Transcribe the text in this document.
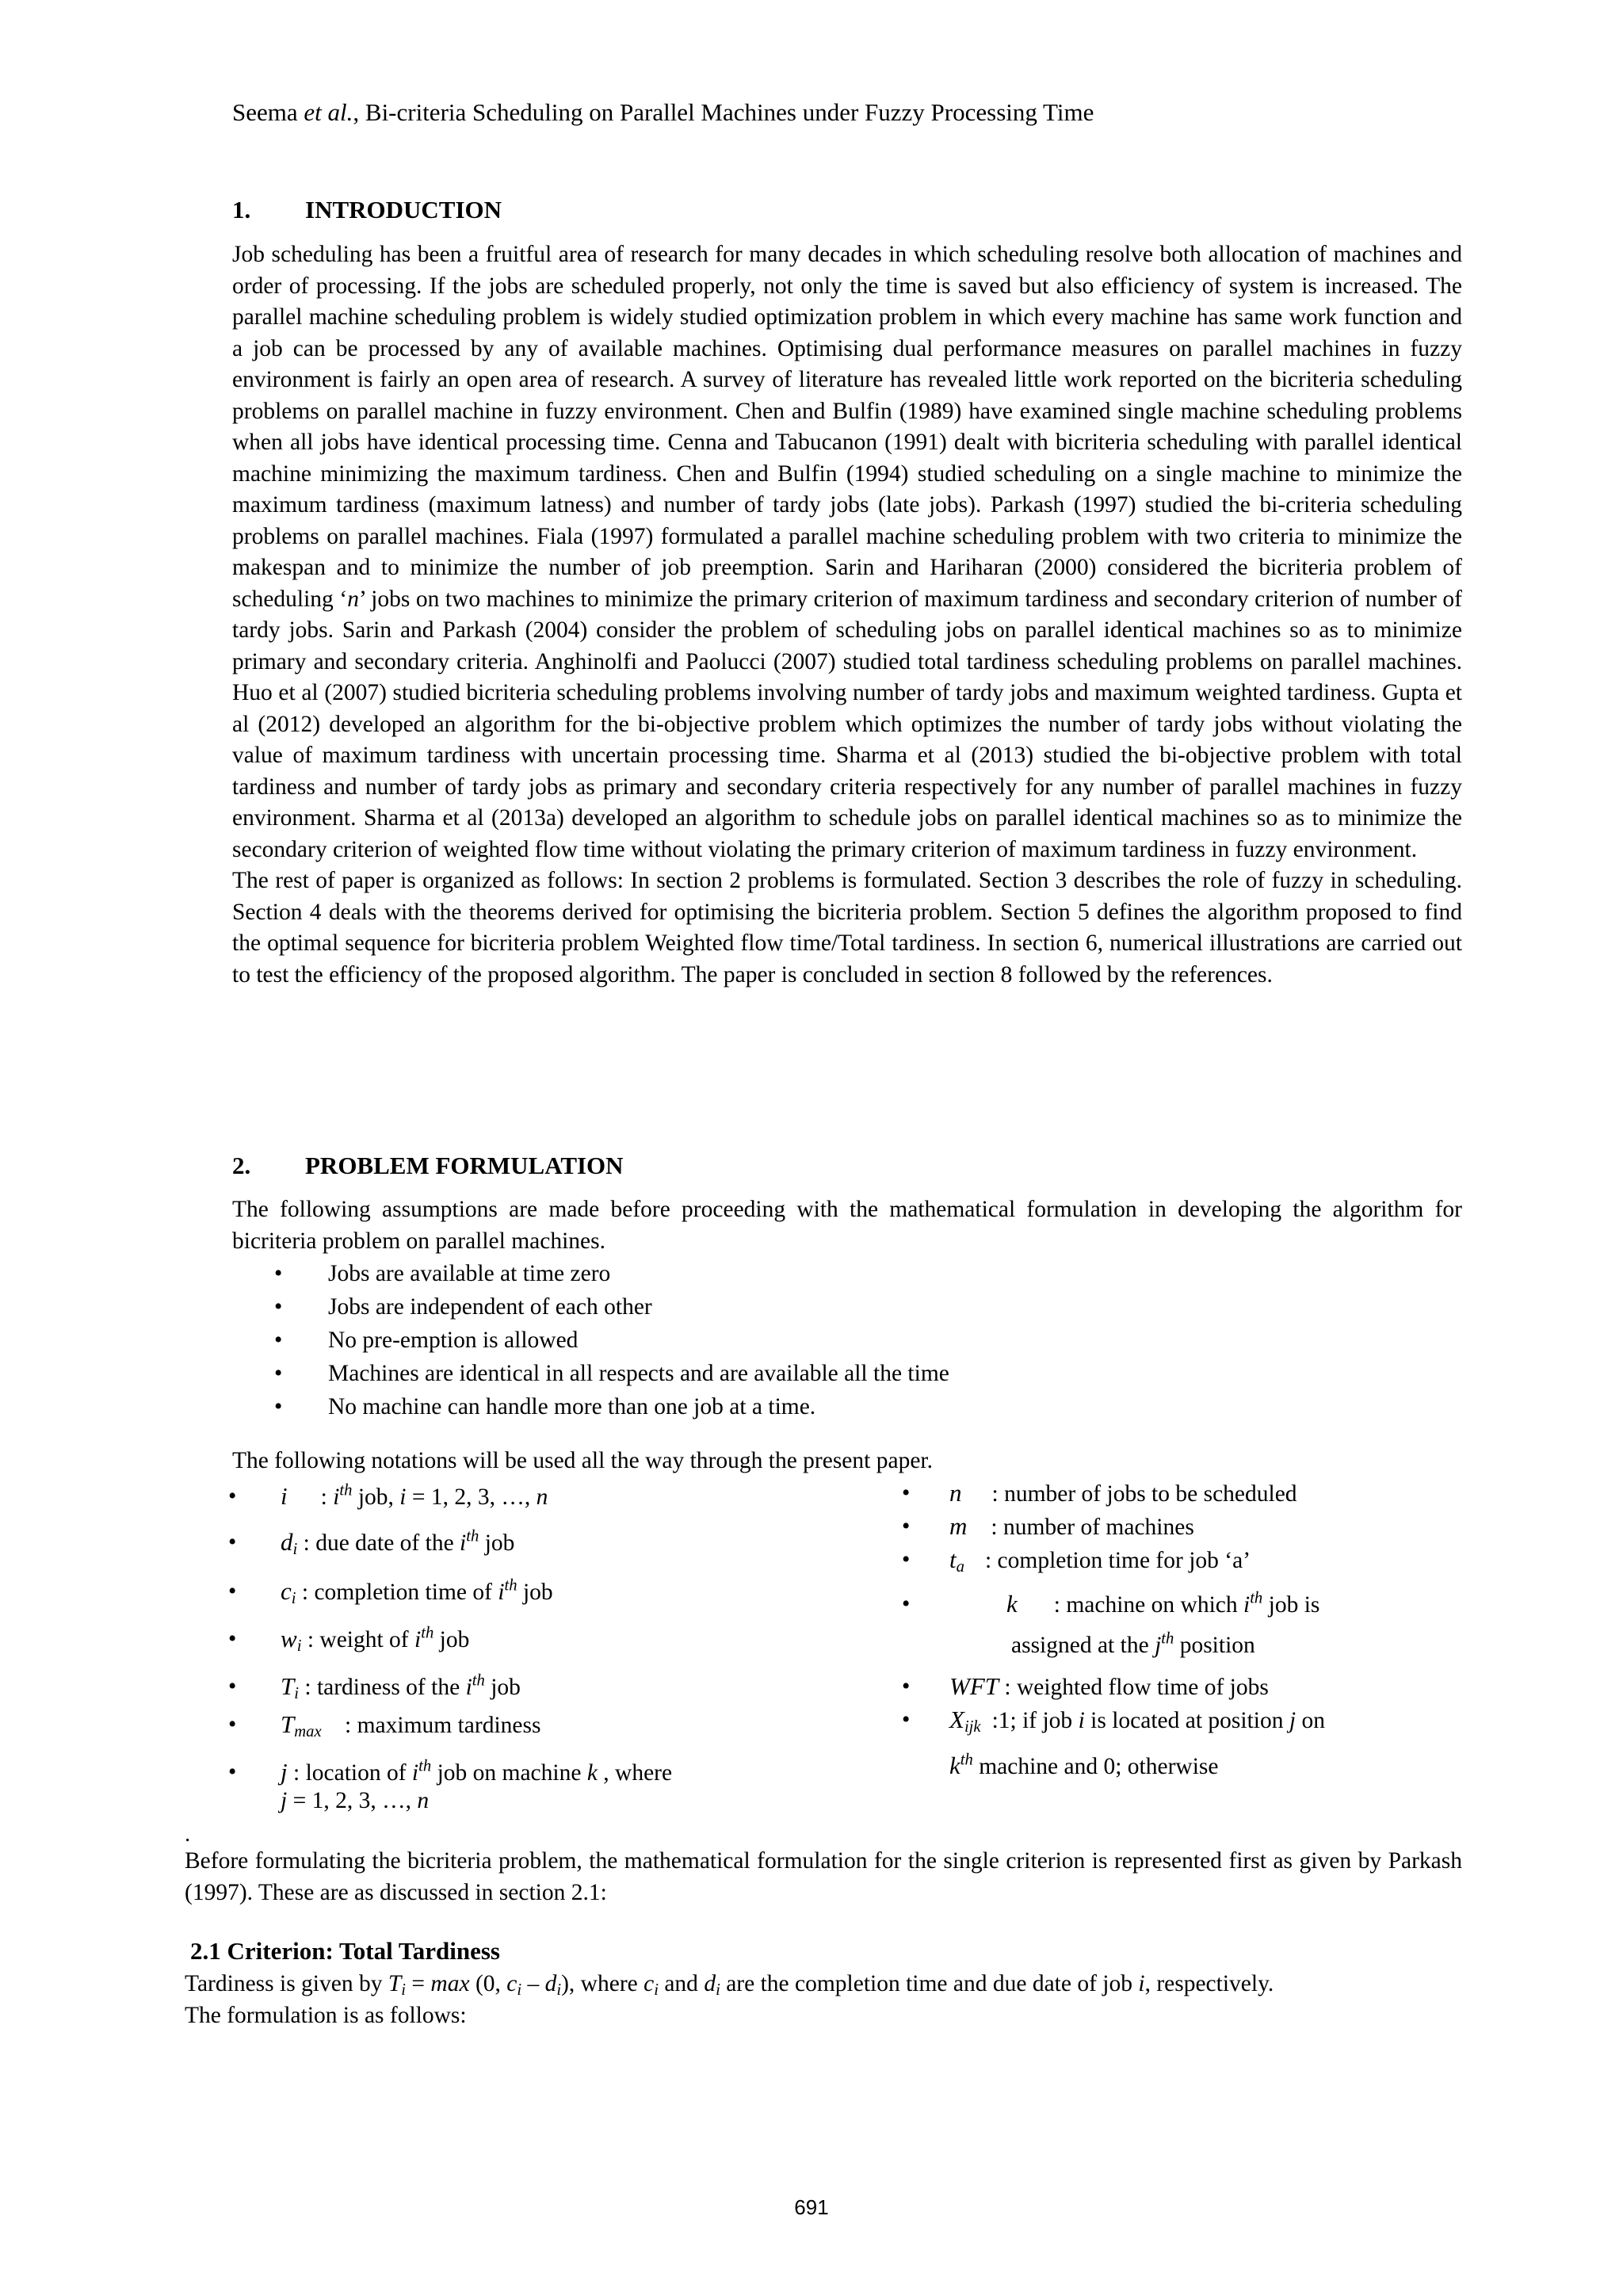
Seema et al., Bi-criteria Scheduling on Parallel Machines under Fuzzy Processing Time
1. INTRODUCTION

Job scheduling has been a fruitful area of research for many decades in which scheduling resolve both allocation of machines and order of processing. If the jobs are scheduled properly, not only the time is saved but also efficiency of system is increased. The parallel machine scheduling problem is widely studied optimization problem in which every machine has same work function and a job can be processed by any of available machines. Optimising dual performance measures on parallel machines in fuzzy environment is fairly an open area of research. A survey of literature has revealed little work reported on the bicriteria scheduling problems on parallel machine in fuzzy environment. Chen and Bulfin (1989) have examined single machine scheduling problems when all jobs have identical processing time. Cenna and Tabucanon (1991) dealt with bicriteria scheduling with parallel identical machine minimizing the maximum tardiness. Chen and Bulfin (1994) studied scheduling on a single machine to minimize the maximum tardiness (maximum latness) and number of tardy jobs (late jobs). Parkash (1997) studied the bi-criteria scheduling problems on parallel machines. Fiala (1997) formulated a parallel machine scheduling problem with two criteria to minimize the makespan and to minimize the number of job preemption. Sarin and Hariharan (2000) considered the bicriteria problem of scheduling ‘n’ jobs on two machines to minimize the primary criterion of maximum tardiness and secondary criterion of number of tardy jobs. Sarin and Parkash (2004) consider the problem of scheduling jobs on parallel identical machines so as to minimize primary and secondary criteria. Anghinolfi and Paolucci (2007) studied total tardiness scheduling problems on parallel machines. Huo et al (2007) studied bicriteria scheduling problems involving number of tardy jobs and maximum weighted tardiness. Gupta et al (2012) developed an algorithm for the bi-objective problem which optimizes the number of tardy jobs without violating the value of maximum tardiness with uncertain processing time. Sharma et al (2013) studied the bi-objective problem with total tardiness and number of tardy jobs as primary and secondary criteria respectively for any number of parallel machines in fuzzy environment. Sharma et al (2013a) developed an algorithm to schedule jobs on parallel identical machines so as to minimize the secondary criterion of weighted flow time without violating the primary criterion of maximum tardiness in fuzzy environment.

The rest of paper is organized as follows: In section 2 problems is formulated. Section 3 describes the role of fuzzy in scheduling. Section 4 deals with the theorems derived for optimising the bicriteria problem. Section 5 defines the algorithm proposed to find the optimal sequence for bicriteria problem Weighted flow time/Total tardiness. In section 6, numerical illustrations are carried out to test the efficiency of the proposed algorithm. The paper is concluded in section 8 followed by the references.

2. PROBLEM FORMULATION

The following assumptions are made before proceeding with the mathematical formulation in developing the algorithm for bicriteria problem on parallel machines.

• Jobs are available at time zero
• Jobs are independent of each other
• No pre-emption is allowed
• Machines are identical in all respects and are available all the time
• No machine can handle more than one job at a time.

The following notations will be used all the way through the present paper.

• i : $i^{th}$ job, i = 1, 2, 3, …, n
• $d_i$ : due date of the $i^{th}$ job
• $c_i$ : completion time of $i^{th}$ job
• $w_i$ : weight of $i^{th}$ job
• $T_i$ : tardiness of the $i^{th}$ job
• $T_{max}$ : maximum tardiness
• j : location of $i^{th}$ job on machine k , where
j = 1, 2, 3, …, n
• n : number of jobs to be scheduled
• m : number of machines
• $t_a$ : completion time for job ‘a’
•	k : machine on which $i^{th}$ job is
assigned at the $j^{th}$ position
• WFT : weighted flow time of jobs
• $X_{ijk}$ :1; if job i is located at position j on
$k^{th}$ machine and 0; otherwise
.
Before formulating the bicriteria problem, the mathematical formulation for the single criterion is represented first as given by Parkash (1997). These are as discussed in section 2.1:
2.1 Criterion: Total Tardiness
Tardiness is given by $T_i = \max (0$, $c_i - d_i$), where $c_i$ and $d_i$ are the completion time and due date of job i, respectively.
The formulation is as follows:
691
